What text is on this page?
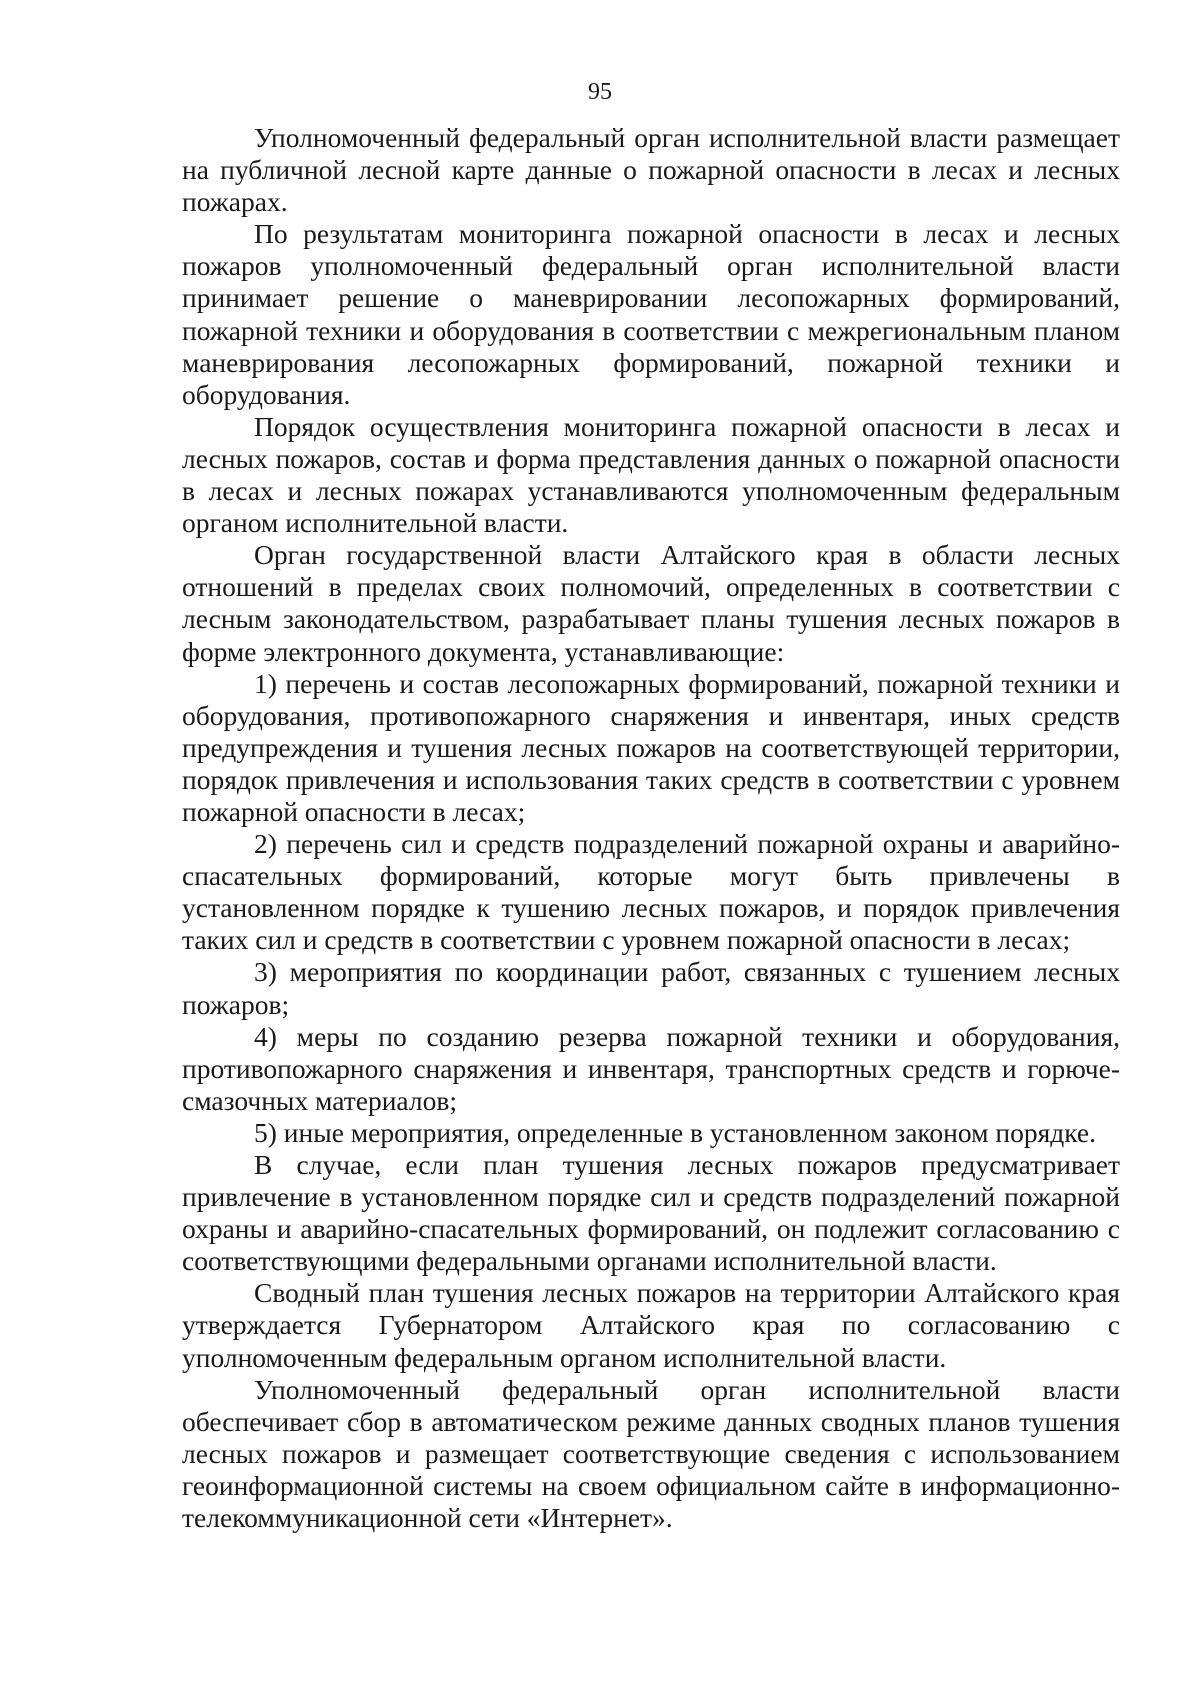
95

Уполномоченный федеральный орган исполнительной власти размещает на публичной лесной карте данные о пожарной опасности в лесах и лесных пожарах.

По результатам мониторинга пожарной опасности в лесах и лесных пожаров уполномоченный федеральный орган исполнительной власти принимает решение о маневрировании лесопожарных формирований, пожарной техники и оборудования в соответствии с межрегиональным планом маневрирования лесопожарных формирований, пожарной техники и оборудования.

Порядок осуществления мониторинга пожарной опасности в лесах и лесных пожаров, состав и форма представления данных о пожарной опасности в лесах и лесных пожарах устанавливаются уполномоченным федеральным органом исполнительной власти.

Орган государственной власти Алтайского края в области лесных отношений в пределах своих полномочий, определенных в соответствии с лесным законодательством, разрабатывает планы тушения лесных пожаров в форме электронного документа, устанавливающие:

1) перечень и состав лесопожарных формирований, пожарной техники и оборудования, противопожарного снаряжения и инвентаря, иных средств предупреждения и тушения лесных пожаров на соответствующей территории, порядок привлечения и использования таких средств в соответствии с уровнем пожарной опасности в лесах;

2) перечень сил и средств подразделений пожарной охраны и аварийно-спасательных формирований, которые могут быть привлечены в установленном порядке к тушению лесных пожаров, и порядок привлечения таких сил и средств в соответствии с уровнем пожарной опасности в лесах;

3) мероприятия по координации работ, связанных с тушением лесных пожаров;

4) меры по созданию резерва пожарной техники и оборудования, противопожарного снаряжения и инвентаря, транспортных средств и горюче-смазочных материалов;

5) иные мероприятия, определенные в установленном законом порядке.

В случае, если план тушения лесных пожаров предусматривает привлечение в установленном порядке сил и средств подразделений пожарной охраны и аварийно-спасательных формирований, он подлежит согласованию с соответствующими федеральными органами исполнительной власти.

Сводный план тушения лесных пожаров на территории Алтайского края утверждается Губернатором Алтайского края по согласованию с уполномоченным федеральным органом исполнительной власти.

Уполномоченный федеральный орган исполнительной власти обеспечивает сбор в автоматическом режиме данных сводных планов тушения лесных пожаров и размещает соответствующие сведения с использованием геоинформационной системы на своем официальном сайте в информационно-телекоммуникационной сети «Интернет».
